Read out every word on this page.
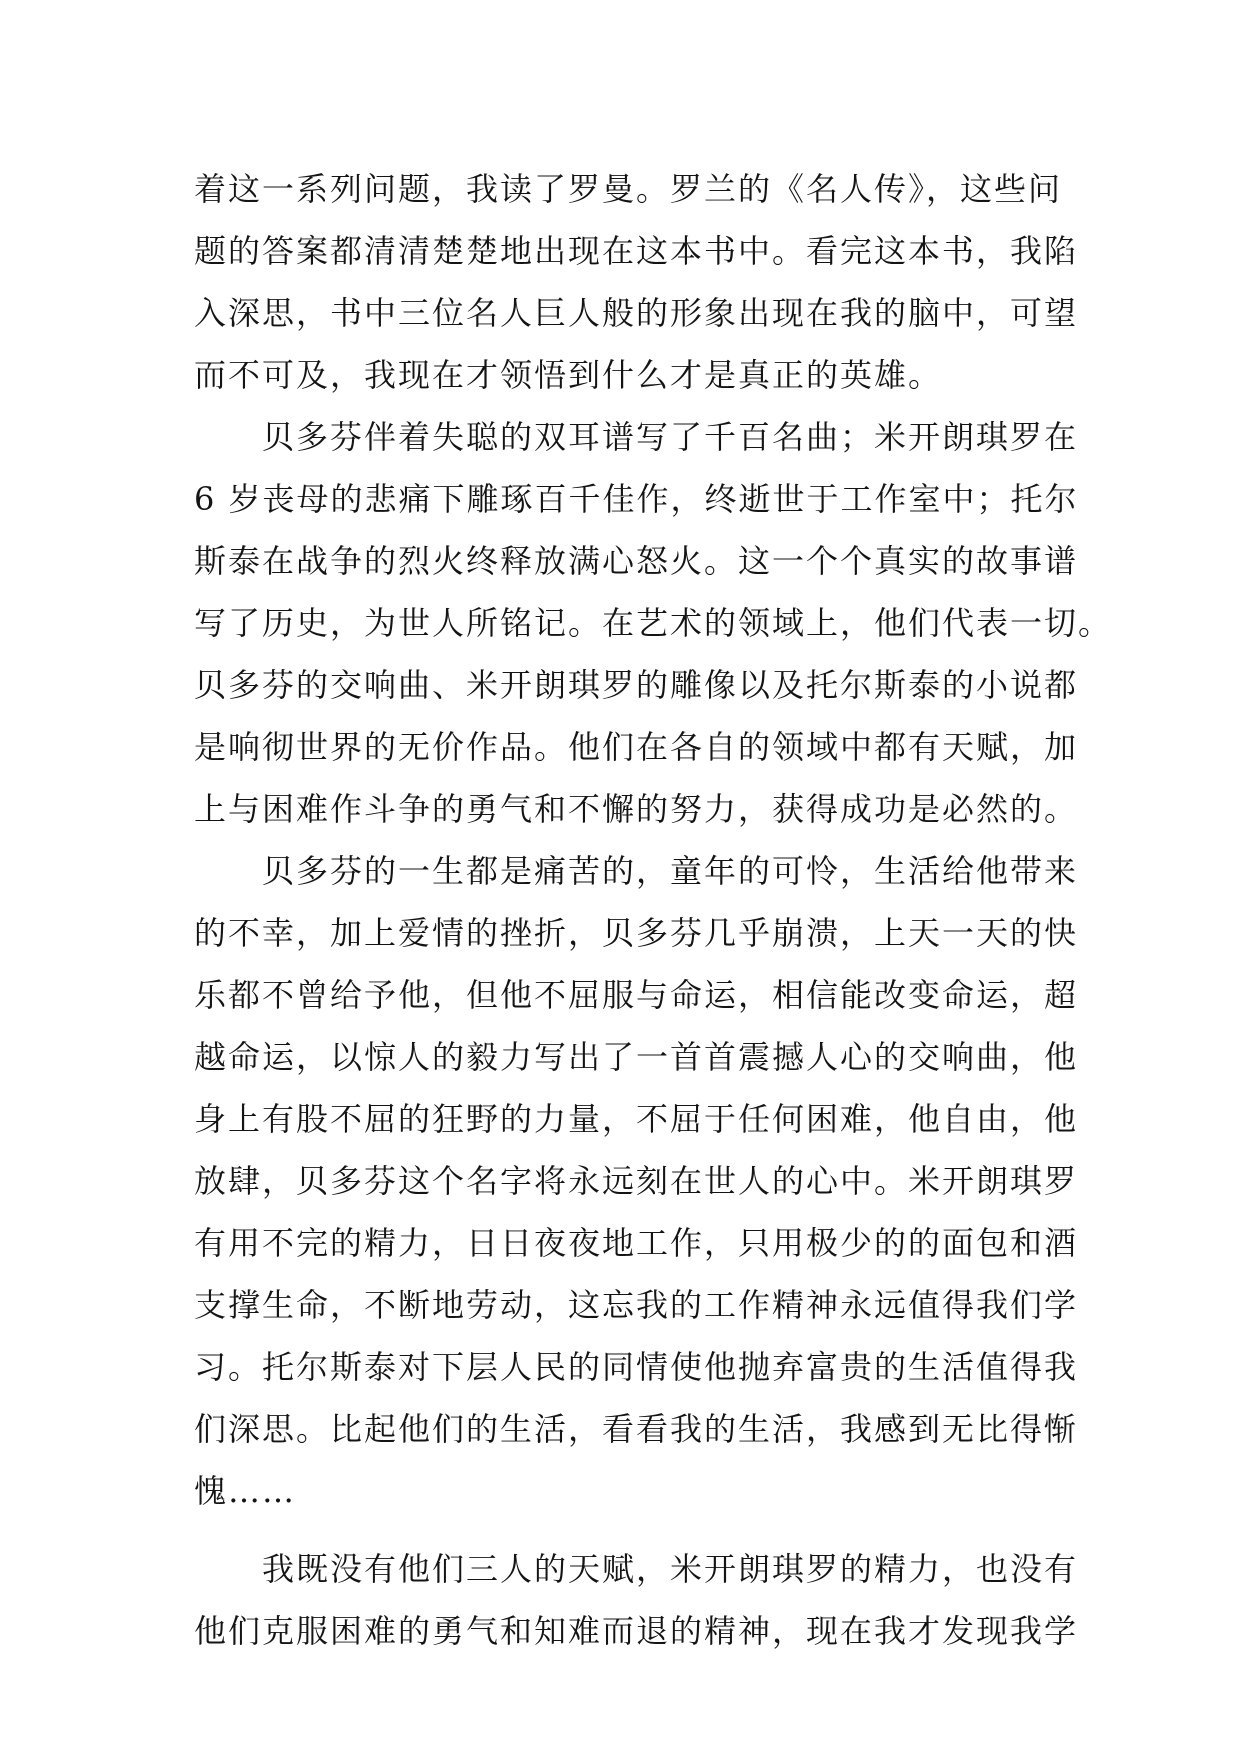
着这一系列问题，我读了罗曼。罗兰的《名人传》，这些问
题的答案都清清楚楚地出现在这本书中。看完这本书，我陷
入深思，书中三位名人巨人般的形象出现在我的脑中，可望
而不可及，我现在才领悟到什么才是真正的英雄。
贝多芬伴着失聪的双耳谱写了千百名曲；米开朗琪罗在
6 岁丧母的悲痛下雕琢百千佳作，终逝世于工作室中；托尔
斯泰在战争的烈火终释放满心怒火。这一个个真实的故事谱
写了历史，为世人所铭记。在艺术的领域上，他们代表一切。
贝多芬的交响曲、米开朗琪罗的雕像以及托尔斯泰的小说都
是响彻世界的无价作品。他们在各自的领域中都有天赋，加
上与困难作斗争的勇气和不懈的努力，获得成功是必然的。
贝多芬的一生都是痛苦的，童年的可怜，生活给他带来
的不幸，加上爱情的挫折，贝多芬几乎崩溃，上天一天的快
乐都不曾给予他，但他不屈服与命运，相信能改变命运，超
越命运，以惊人的毅力写出了一首首震撼人心的交响曲，他
身上有股不屈的狂野的力量，不屈于任何困难，他自由，他
放肆，贝多芬这个名字将永远刻在世人的心中。米开朗琪罗
有用不完的精力，日日夜夜地工作，只用极少的的面包和酒
支撑生命，不断地劳动，这忘我的工作精神永远值得我们学
习。托尔斯泰对下层人民的同情使他抛弃富贵的生活值得我
们深思。比起他们的生活，看看我的生活，我感到无比得惭
愧……
我既没有他们三人的天赋，米开朗琪罗的精力，也没有
他们克服困难的勇气和知难而退的精神，现在我才发现我学
